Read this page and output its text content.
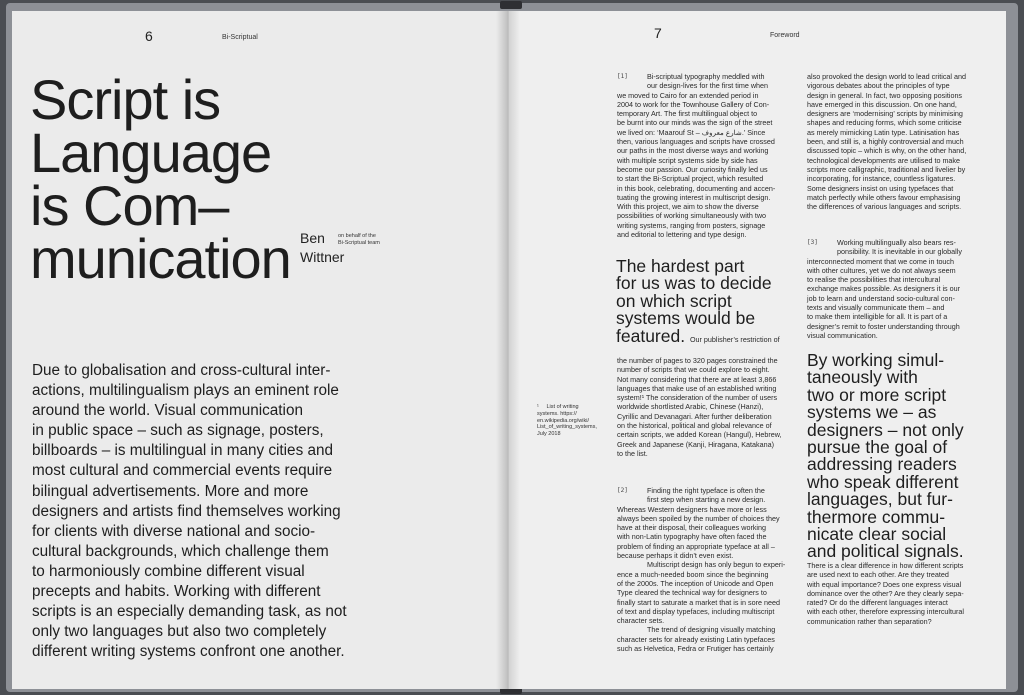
6	Bi-Scriptual
Script is
Language
is Com–
munication Ben
Wittner
on behalf of the
Bi-Scriptual team
Due to globalisation and cross-cultural inter-
actions, multilingualism plays an eminent role
around the world. Visual communication
in public space – such as signage, posters,
billboards – is multilingual in many cities and
most cultural and commercial events require
bilingual advertisements. More and more
designers and artists find themselves working
for clients with diverse national and socio-
cultural backgrounds, which challenge them
to harmoniously combine different visual
precepts and habits. Working with different
scripts is an especially demanding task, as not
only two languages but also two completely
different writing systems confront one another.
7	Foreword
[1]	Bi-scriptual typography meddled with

our design-lives for the first time when

we moved to Cairo for an extended period in

2004 to work for the Townhouse Gallery of Con-

temporary Art. The first multilingual object to

be burnt into our minds was the sign of the street

we lived on: ‘Maarouf St – شارع معروف.’ Since

then, various languages and scripts have crossed

our paths in the most diverse ways and working

with multiple script systems side by side has

become our passion. Our curiosity finally led us

to start the Bi-Scriptual project, which resulted

in this book, celebrating, documenting and accen-

tuating the growing interest in multiscript design.

With this project, we aim to show the diverse

possibilities of working simultaneously with two

writing systems, ranging from posters, signage

and editorial to lettering and type design.

The hardest part
for us was to decide
on which script
systems would be
featured. Our publisher’s restriction of

the number of pages to 320 pages constrained the

number of scripts that we could explore to eight.

Not many considering that there are at least 3,866

languages that make use of an established writing

system!¹ The consideration of the number of users

worldwide shortlisted Arabic, Chinese (Hanzi),

Cyrillic and Devanagari. After further deliberation

on the historical, political and global relevance of

certain scripts, we added Korean (Hangul), Hebrew,

Greek and Japanese (Kanji, Hiragana, Katakana)

to the list.

¹ List of writing
systems. https://
en.wikipedia.org/wiki/
List_of_writing_systems,
July 2018
[2]	Finding the right typeface is often the

first step when starting a new design.

Whereas Western designers have more or less

always been spoiled by the number of choices they

have at their disposal, their colleagues working

with non-Latin typography have often faced the

problem of finding an appropriate typeface at all –

because perhaps it didn’t even exist.

Multiscript design has only begun to experi-

ence a much-needed boom since the beginning

of the 2000s. The inception of Unicode and Open

Type cleared the technical way for designers to

finally start to saturate a market that is in sore need

of text and display typefaces, including multiscript

character sets.

The trend of designing visually matching

character sets for already existing Latin typefaces

such as Helvetica, Fedra or Frutiger has certainly

also provoked the design world to lead critical and

vigorous debates about the principles of type

design in general. In fact, two opposing positions

have emerged in this discussion. On one hand,

designers are ‘modernising’ scripts by minimising

shapes and reducing forms, which some criticise

as merely mimicking Latin type. Latinisation has

been, and still is, a highly controversial and much

discussed topic – which is why, on the other hand,

technological developments are utilised to make

scripts more calligraphic, traditional and livelier by

incorporating, for instance, countless ligatures.

Some designers insist on using typefaces that

match perfectly while others favour emphasising

the differences of various languages and scripts.

[3]	Working multilingually also bears res-

ponsibility. It is inevitable in our globally

interconnected moment that we come in touch

with other cultures, yet we do not always seem

to realise the possibilities that intercultural

exchange makes possible. As designers it is our

job to learn and understand socio-cultural con-

texts and visually communicate them – and

to make them intelligible for all. It is part of a

designer’s remit to foster understanding through

visual communication.

By working simul-
taneously with
two or more script
systems we – as
designers – not only
pursue the goal of
addressing readers
who speak different
languages, but fur-
thermore commu-
nicate clear social
and political signals.

There is a clear difference in how different scripts

are used next to each other. Are they treated

with equal importance? Does one express visual

dominance over the other? Are they clearly sepa-

rated? Or do the different languages interact

with each other, therefore expressing intercultural

communication rather than separation?
